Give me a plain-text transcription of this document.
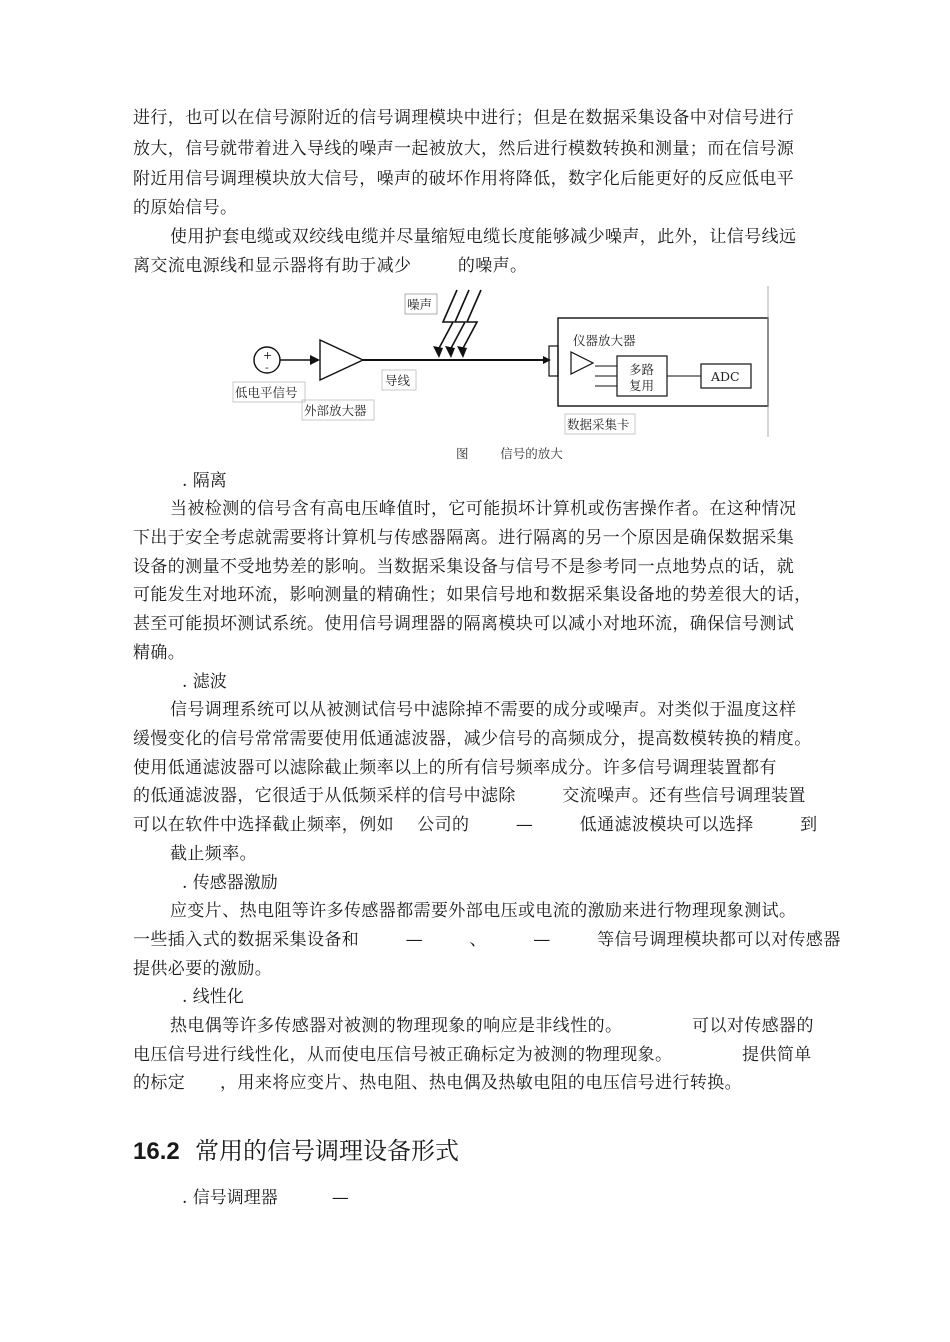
进行，也可以在信号源附近的信号调理模块中进行；但是在数据采集设备中对信号进行
放大，信号就带着进入导线的噪声一起被放大，然后进行模数转换和测量；而在信号源
附近用信号调理模块放大信号，噪声的破坏作用将降低，数字化后能更好的反应低电平
的原始信号。
使用护套电缆或双绞线电缆并尽量缩短电缆长度能够减少噪声，此外，让信号线远
离交流电源线和显示器将有助于减少        的噪声。
噪声
+
-
低电平信号
外部放大器
导线
仪器放大器
多路
复用
ADC
数据采集卡
图        信号的放大
. 隔离
当被检测的信号含有高电压峰值时，它可能损坏计算机或伤害操作者。在这种情况
下出于安全考虑就需要将计算机与传感器隔离。进行隔离的另一个原因是确保数据采集
设备的测量不受地势差的影响。当数据采集设备与信号不是参考同一点地势点的话，就
可能发生对地环流，影响测量的精确性；如果信号地和数据采集设备地的势差很大的话，
甚至可能损坏测试系统。使用信号调理器的隔离模块可以减小对地环流，确保信号测试
精确。
. 滤波
信号调理系统可以从被测试信号中滤除掉不需要的成分或噪声。对类似于温度这样
缓慢变化的信号常常需要使用低通滤波器，减少信号的高频成分，提高数模转换的精度。
使用低通滤波器可以滤除截止频率以上的所有信号频率成分。许多信号调理装置都有
的低通滤波器，它很适于从低频采样的信号中滤除        交流噪声。还有些信号调理装置
可以在软件中选择截止频率，例如    公司的        —        低通滤波模块可以选择        到
截止频率。
. 传感器激励
应变片、热电阻等许多传感器都需要外部电压或电流的激励来进行物理现象测试。
一些插入式的数据采集设备和        —        、        —        等信号调理模块都可以对传感器
提供必要的激励。
. 线性化
热电偶等许多传感器对被测的物理现象的响应是非线性的。            可以对传感器的
电压信号进行线性化，从而使电压信号被正确标定为被测的物理现象。            提供简单
的标定      ，用来将应变片、热电阻、热电偶及热敏电阻的电压信号进行转换。
16.2 常用的信号调理设备形式
. 信号调理器          —
